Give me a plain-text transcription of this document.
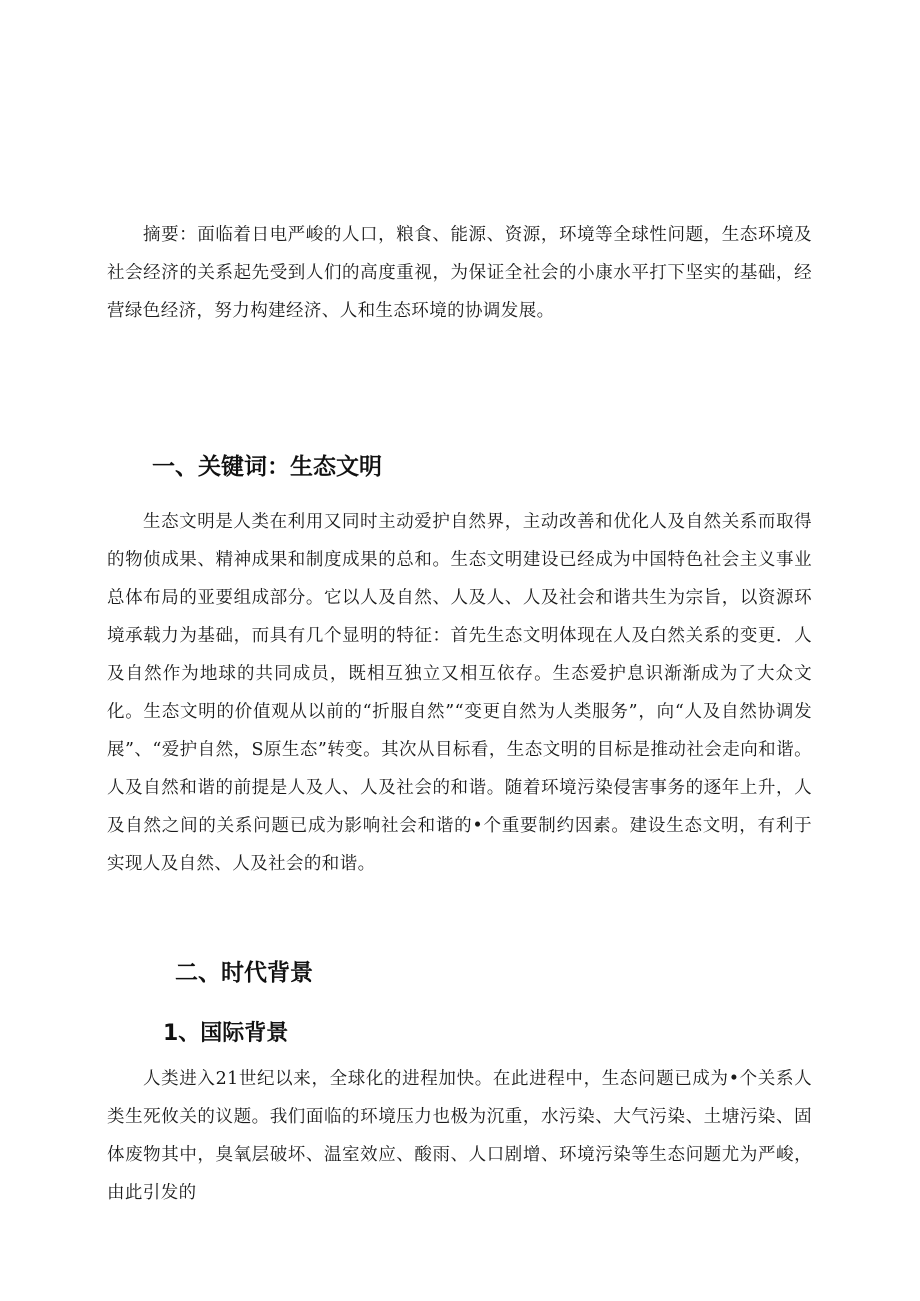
摘要：面临着日电严峻的人口，粮食、能源、资源，环境等全球性问题，生态环境及社会经济的关系起先受到人们的高度重视，为保证全社会的小康水平打下坚实的基础，经营绿色经济，努力构建经济、人和生态环境的协调发展。

一、关键词：生态文明

生态文明是人类在利用又同时主动爱护自然界，主动改善和优化人及自然关系而取得的物侦成果、精神成果和制度成果的总和。生态文明建设已经成为中国特色社会主义事业总体布局的亚要组成部分。它以人及自然、人及人、人及社会和谐共生为宗旨，以资源环境承载力为基础，而具有几个显明的特征：首先生态文明体现在人及白然关系的变更．人及自然作为地球的共同成员，既相互独立又相互依存。生态爱护息识渐渐成为了大众文化。生态文明的价值观从以前的“折服自然”“变更自然为人类服务”，向“人及自然协调发展”、“爱护自然，S原生态”转变。其次从目标看，生态文明的目标是推动社会走向和谐。人及自然和谐的前提是人及人、人及社会的和谐。随着环境污染侵害事务的逐年上升，人及自然之间的关系问题已成为影响社会和谐的•个重要制约因素。建设生态文明，有利于实现人及自然、人及社会的和谐。

二、时代背景
1、国际背景

人类进入21世纪以来，全球化的进程加快。在此进程中，生态问题已成为•个关系人类生死攸关的议题。我们面临的环境压力也极为沉重，水污染、大气污染、土塘污染、固体废物其中，臭氧层破坏、温室效应、酸雨、人口剧增、环境污染等生态问题尤为严峻，由此引发的
